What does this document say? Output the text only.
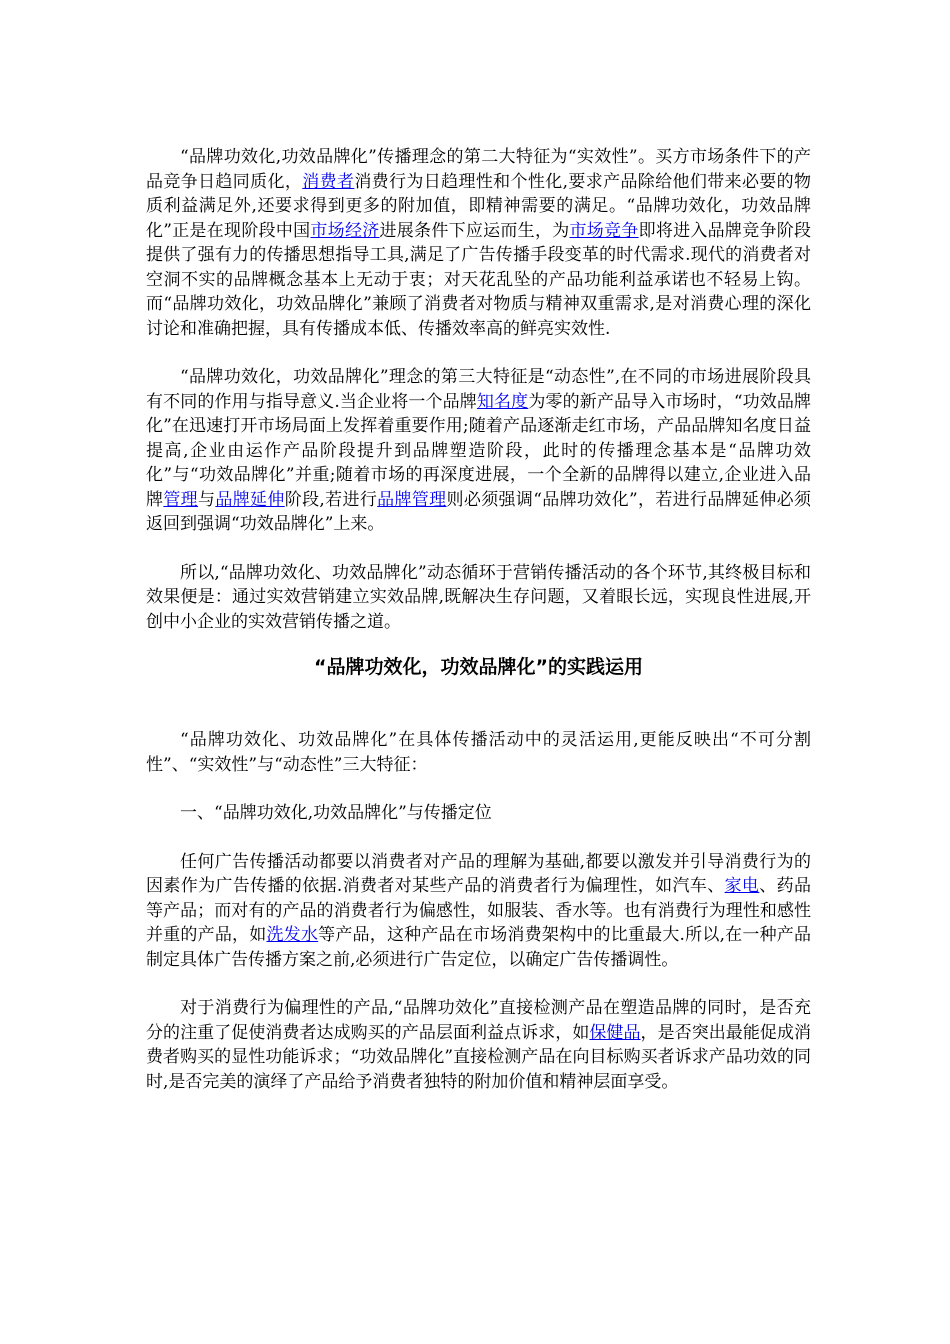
“品牌功效化,功效品牌化”传播理念的第二大特征为“实效性”。买方市场条件下的产品竞争日趋同质化，消费者消费行为日趋理性和个性化,要求产品除给他们带来必要的物质利益满足外,还要求得到更多的附加值，即精神需要的满足。“品牌功效化，功效品牌化”正是在现阶段中国市场经济进展条件下应运而生，为市场竞争即将进入品牌竞争阶段提供了强有力的传播思想指导工具,满足了广告传播手段变革的时代需求.现代的消费者对空洞不实的品牌概念基本上无动于衷；对天花乱坠的产品功能利益承诺也不轻易上钩。而“品牌功效化，功效品牌化”兼顾了消费者对物质与精神双重需求,是对消费心理的深化讨论和准确把握，具有传播成本低、传播效率高的鲜亮实效性.

“品牌功效化，功效品牌化”理念的第三大特征是“动态性”,在不同的市场进展阶段具有不同的作用与指导意义.当企业将一个品牌知名度为零的新产品导入市场时，“功效品牌化”在迅速打开市场局面上发挥着重要作用;随着产品逐渐走红市场，产品品牌知名度日益提高,企业由运作产品阶段提升到品牌塑造阶段，此时的传播理念基本是“品牌功效化”与“功效品牌化”并重;随着市场的再深度进展，一个全新的品牌得以建立,企业进入品牌管理与品牌延伸阶段,若进行品牌管理则必须强调“品牌功效化”，若进行品牌延伸必须返回到强调“功效品牌化”上来。

所以,“品牌功效化、功效品牌化”动态循环于营销传播活动的各个环节,其终极目标和效果便是：通过实效营销建立实效品牌,既解决生存问题，又着眼长远，实现良性进展,开创中小企业的实效营销传播之道。

“品牌功效化，功效品牌化”的实践运用

“品牌功效化、功效品牌化”在具体传播活动中的灵活运用,更能反映出“不可分割性”、“实效性”与“动态性”三大特征：

一、“品牌功效化,功效品牌化”与传播定位

任何广告传播活动都要以消费者对产品的理解为基础,都要以激发并引导消费行为的因素作为广告传播的依据.消费者对某些产品的消费者行为偏理性，如汽车、家电、药品等产品；而对有的产品的消费者行为偏感性，如服装、香水等。也有消费行为理性和感性并重的产品，如洗发水等产品，这种产品在市场消费架构中的比重最大.所以,在一种产品制定具体广告传播方案之前,必须进行广告定位，以确定广告传播调性。

对于消费行为偏理性的产品,“品牌功效化”直接检测产品在塑造品牌的同时，是否充分的注重了促使消费者达成购买的产品层面利益点诉求，如保健品，是否突出最能促成消费者购买的显性功能诉求；“功效品牌化”直接检测产品在向目标购买者诉求产品功效的同时,是否完美的演绎了产品给予消费者独特的附加价值和精神层面享受。
